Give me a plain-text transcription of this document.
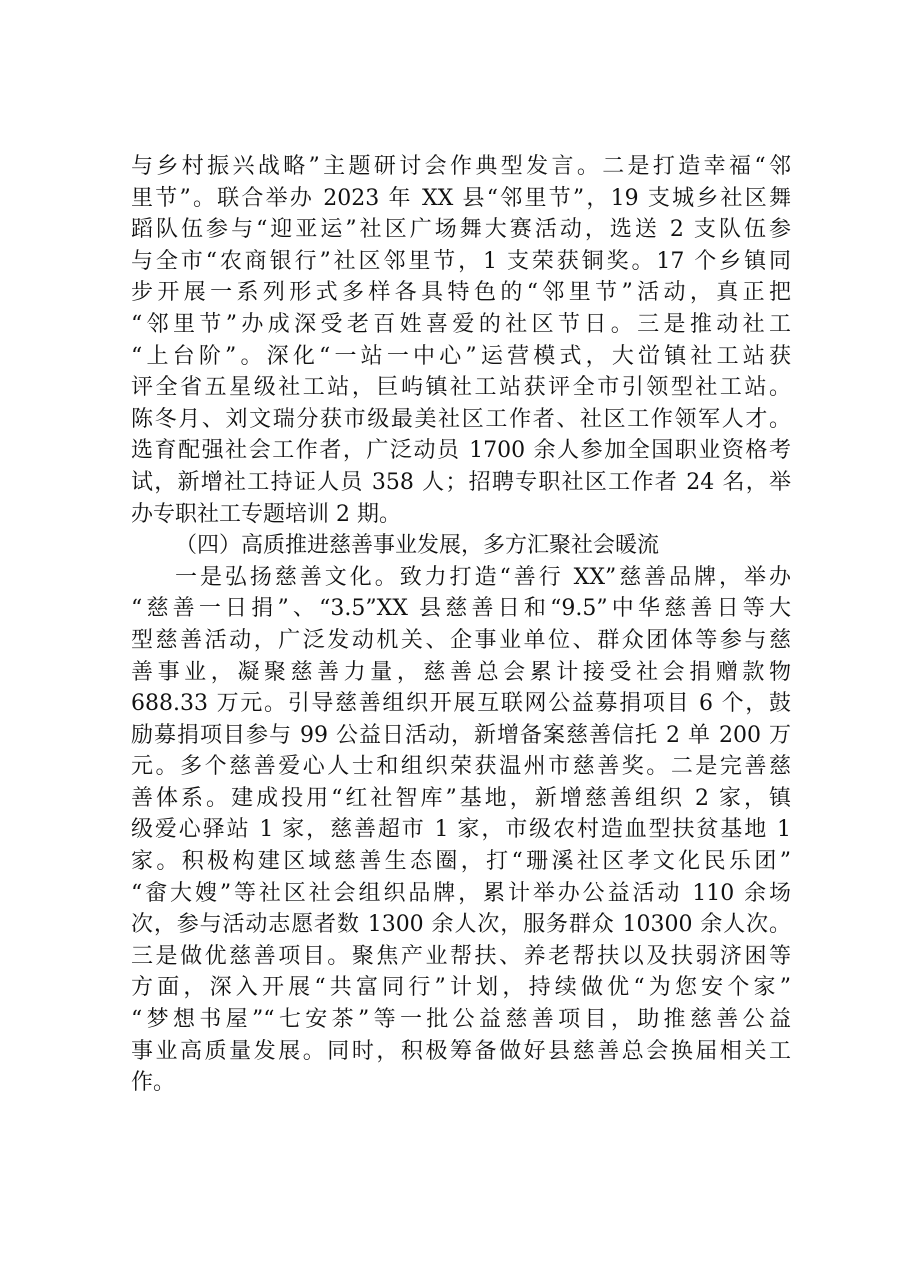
与乡村振兴战略”主题研讨会作典型发言。二是打造幸福“邻
里节”。联合举办 2023 年 XX 县“邻里节”，19 支城乡社区舞
蹈队伍参与“迎亚运”社区广场舞大赛活动，选送 2 支队伍参
与全市“农商银行”社区邻里节，1 支荣获铜奖。17 个乡镇同
步开展一系列形式多样各具特色的“邻里节”活动，真正把
“邻里节”办成深受老百姓喜爱的社区节日。三是推动社工
“上台阶”。深化“一站一中心”运营模式，大峃镇社工站获
评全省五星级社工站，巨屿镇社工站获评全市引领型社工站。
陈冬月、刘文瑞分获市级最美社区工作者、社区工作领军人才。
选育配强社会工作者，广泛动员 1700 余人参加全国职业资格考
试，新增社工持证人员 358 人；招聘专职社区工作者 24 名，举
办专职社工专题培训 2 期。
（四）高质推进慈善事业发展，多方汇聚社会暖流
一是弘扬慈善文化。致力打造“善行 XX”慈善品牌，举办
“慈善一日捐”、“3.5”XX 县慈善日和“9.5”中华慈善日等大
型慈善活动，广泛发动机关、企事业单位、群众团体等参与慈
善事业，凝聚慈善力量，慈善总会累计接受社会捐赠款物
688.33 万元。引导慈善组织开展互联网公益募捐项目 6 个，鼓
励募捐项目参与 99 公益日活动，新增备案慈善信托 2 单 200 万
元。多个慈善爱心人士和组织荣获温州市慈善奖。二是完善慈
善体系。建成投用“红社智库”基地，新增慈善组织 2 家，镇
级爱心驿站 1 家，慈善超市 1 家，市级农村造血型扶贫基地 1
家。积极构建区域慈善生态圈，打“珊溪社区孝文化民乐团”
“畲大嫂”等社区社会组织品牌，累计举办公益活动 110 余场
次，参与活动志愿者数 1300 余人次，服务群众 10300 余人次。
三是做优慈善项目。聚焦产业帮扶、养老帮扶以及扶弱济困等
方面，深入开展“共富同行”计划，持续做优“为您安个家”
“梦想书屋”“七安茶”等一批公益慈善项目，助推慈善公益
事业高质量发展。同时，积极筹备做好县慈善总会换届相关工
作。
